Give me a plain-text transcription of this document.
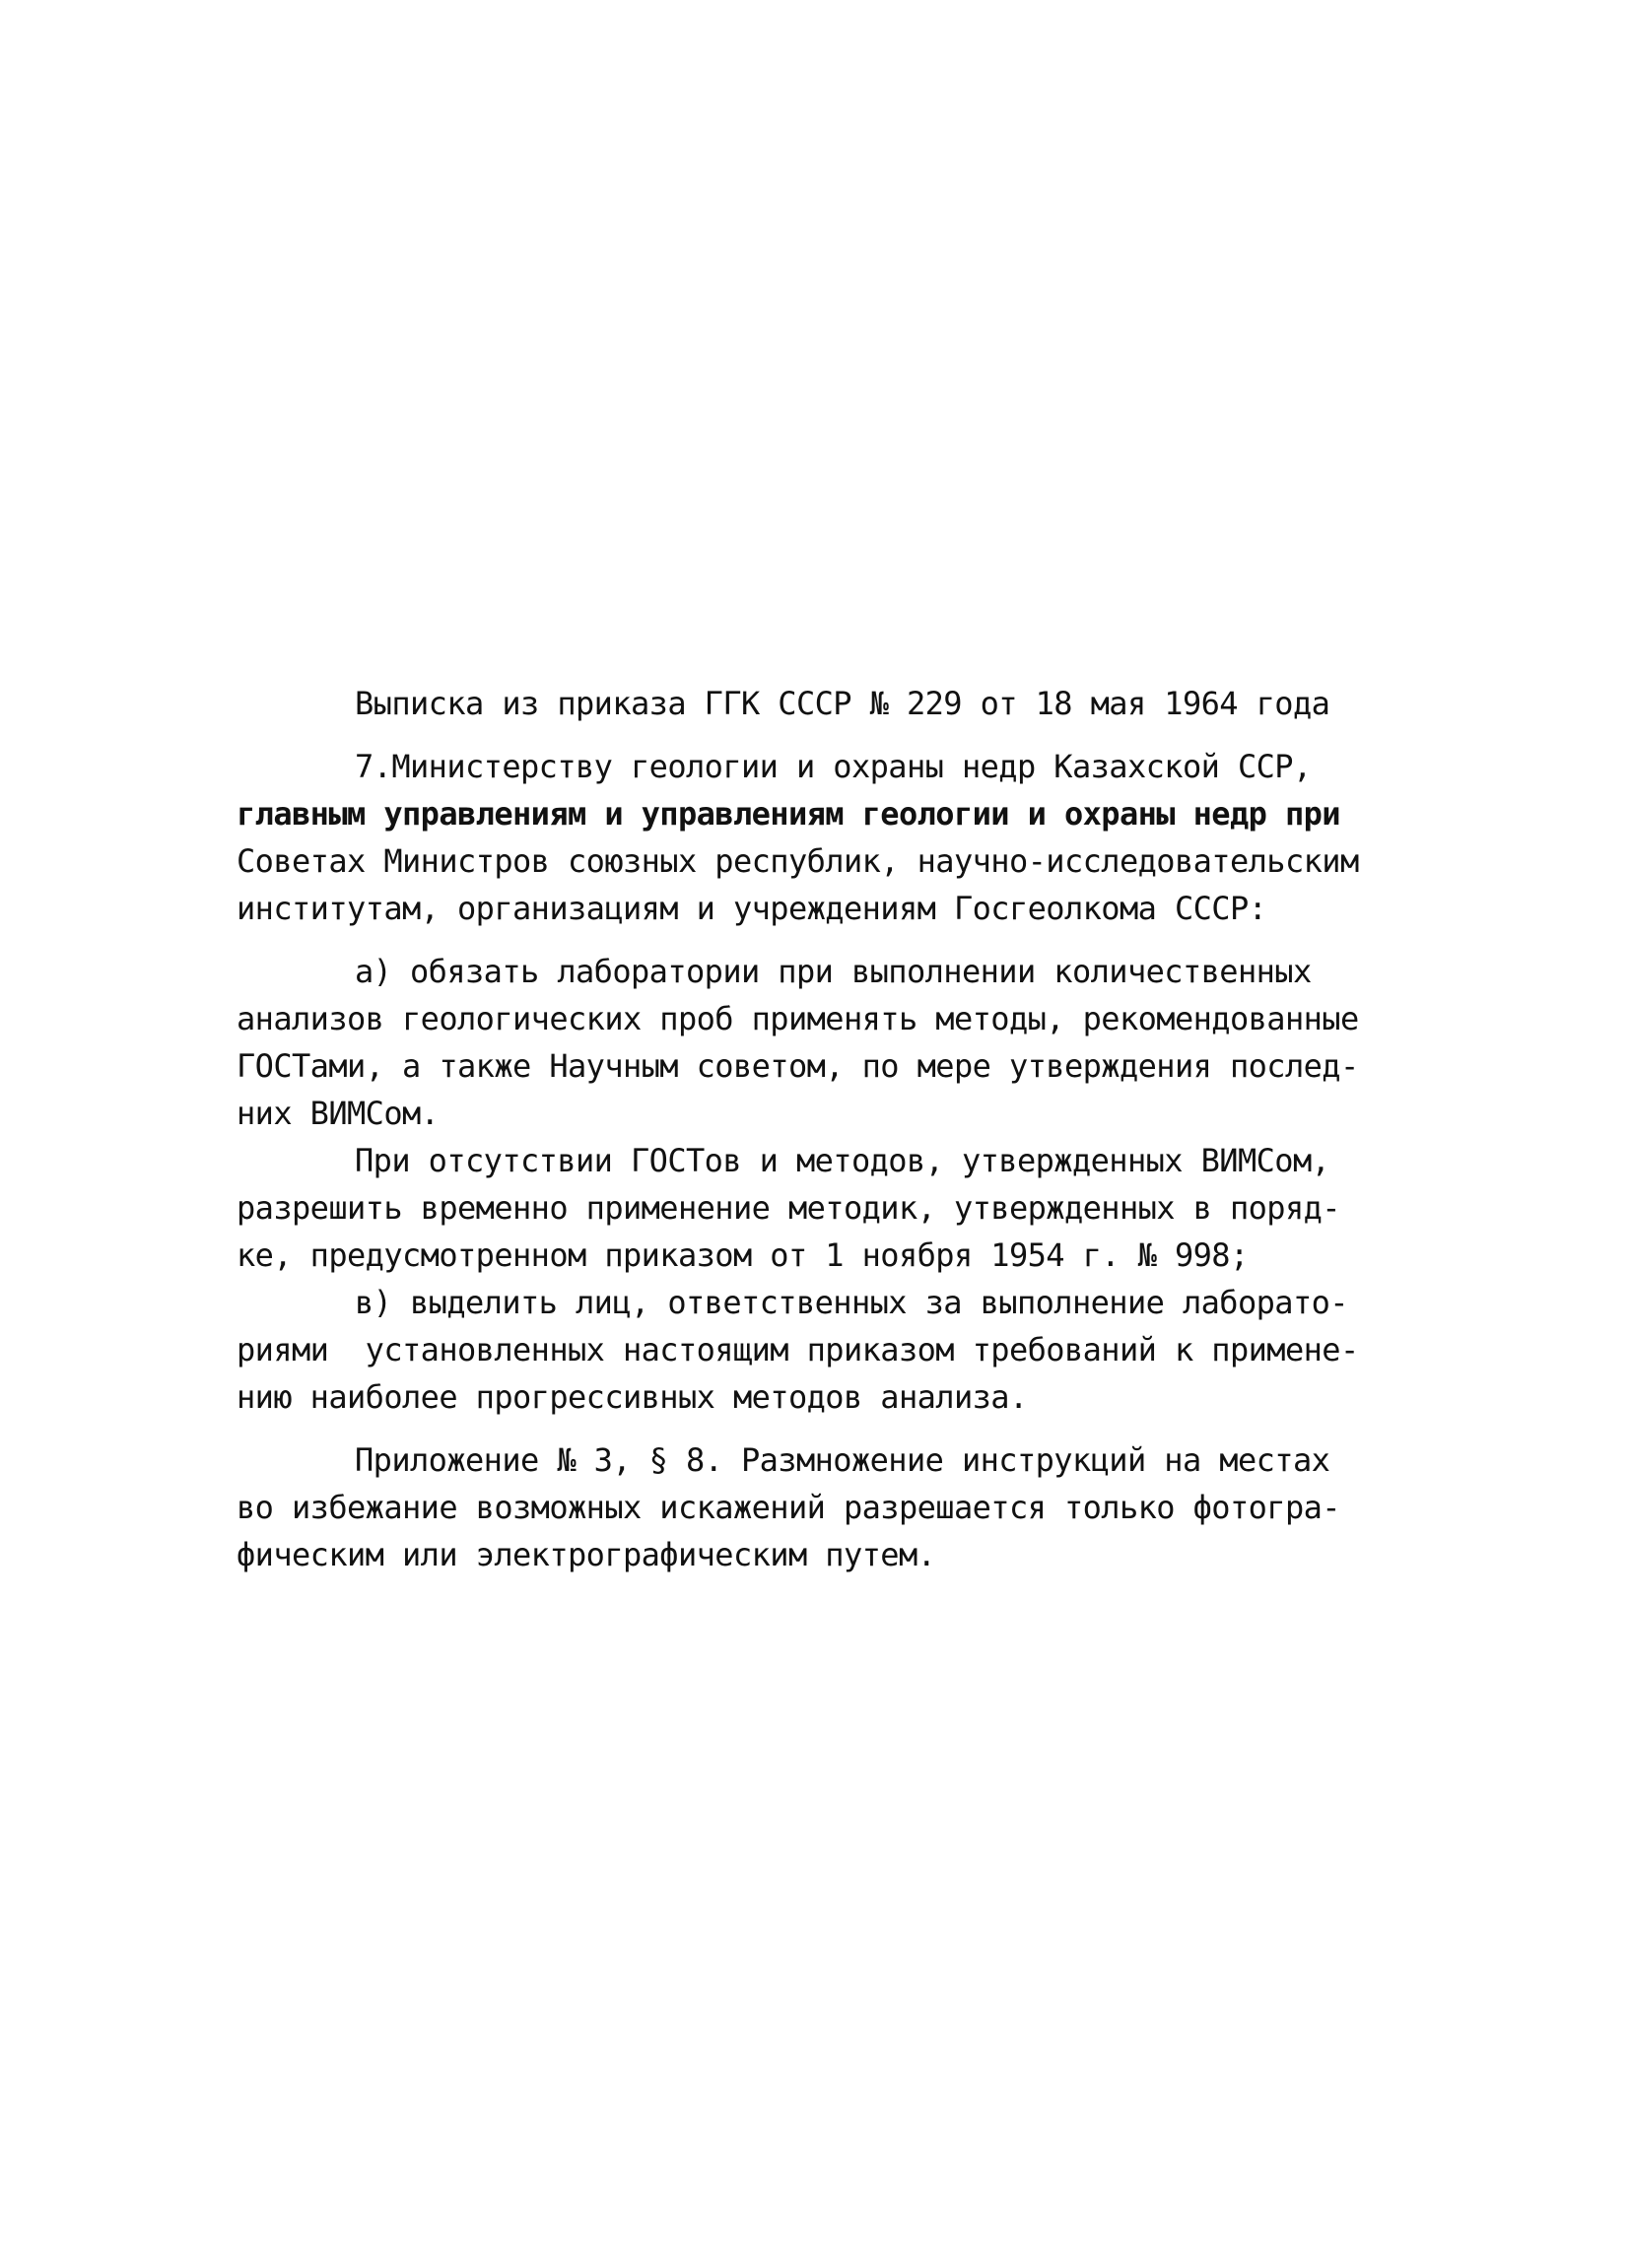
Выписка из приказа ГГК СССР № 229 от 18 мая 1964 года
7.Министерству геологии и охраны недр Казахской ССР,
главным управлениям и управлениям геологии и охраны недр при
Советах Министров союзных республик, научно-исследовательским
институтам, организациям и учреждениям Госгеолкома СССР:
а) обязать лаборатории при выполнении количественных
анализов геологических проб применять методы, рекомендованные
ГОСТами, а также Научным советом, по мере утверждения послед-
них ВИМСом.
При отсутствии ГОСТов и методов, утвержденных ВИМСом,
разрешить временно применение методик, утвержденных в поряд-
ке, предусмотренном приказом от 1 ноября 1954 г. № 998;
в) выделить лиц, ответственных за выполнение лаборато-
риями  установленных настоящим приказом требований к примене-
нию наиболее прогрессивных методов анализа.
Приложение № 3, § 8. Размножение инструкций на местах
во избежание возможных искажений разрешается только фотогра-
фическим или электрографическим путем.
